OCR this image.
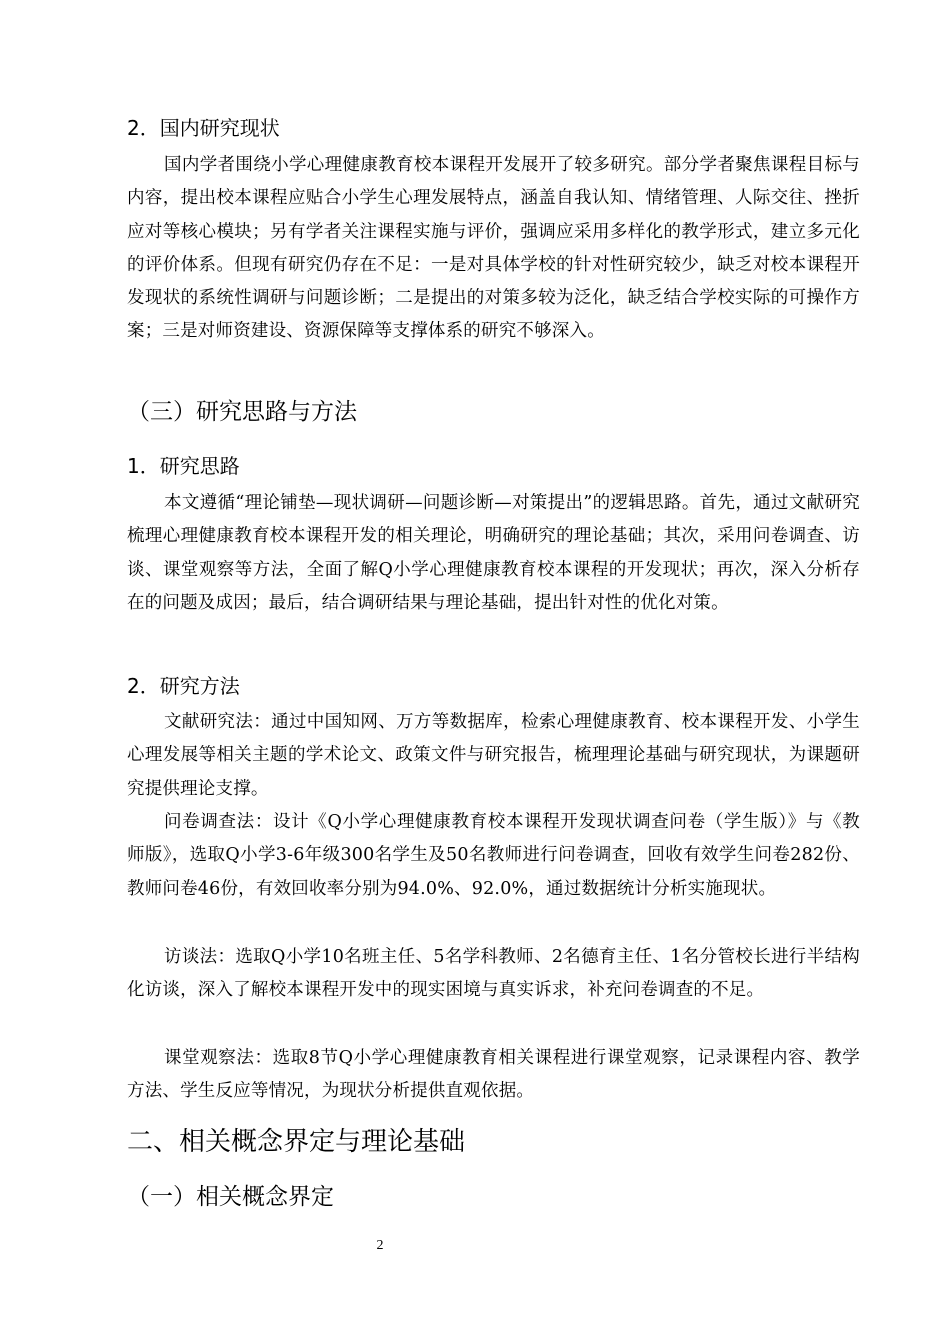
2．国内研究现状
国内学者围绕小学心理健康教育校本课程开发展开了较多研究。部分学者聚焦课程目标与内容，提出校本课程应贴合小学生心理发展特点，涵盖自我认知、情绪管理、人际交往、挫折应对等核心模块；另有学者关注课程实施与评价，强调应采用多样化的教学形式，建立多元化的评价体系。但现有研究仍存在不足：一是对具体学校的针对性研究较少，缺乏对校本课程开发现状的系统性调研与问题诊断；二是提出的对策多较为泛化，缺乏结合学校实际的可操作方案；三是对师资建设、资源保障等支撑体系的研究不够深入。
（三）研究思路与方法
1．研究思路
本文遵循“理论铺垫—现状调研—问题诊断—对策提出”的逻辑思路。首先，通过文献研究梳理心理健康教育校本课程开发的相关理论，明确研究的理论基础；其次，采用问卷调查、访谈、课堂观察等方法，全面了解Q小学心理健康教育校本课程的开发现状；再次，深入分析存在的问题及成因；最后，结合调研结果与理论基础，提出针对性的优化对策。
2．研究方法
文献研究法：通过中国知网、万方等数据库，检索心理健康教育、校本课程开发、小学生心理发展等相关主题的学术论文、政策文件与研究报告，梳理理论基础与研究现状，为课题研究提供理论支撑。
问卷调查法：设计《Q小学心理健康教育校本课程开发现状调查问卷（学生版）》与《教师版》，选取Q小学3-6年级300名学生及50名教师进行问卷调查，回收有效学生问卷282份、教师问卷46份，有效回收率分别为94.0%、92.0%，通过数据统计分析实施现状。
访谈法：选取Q小学10名班主任、5名学科教师、2名德育主任、1名分管校长进行半结构化访谈，深入了解校本课程开发中的现实困境与真实诉求，补充问卷调查的不足。
课堂观察法：选取8节Q小学心理健康教育相关课程进行课堂观察，记录课程内容、教学方法、学生反应等情况，为现状分析提供直观依据。
二、相关概念界定与理论基础
（一）相关概念界定
2
